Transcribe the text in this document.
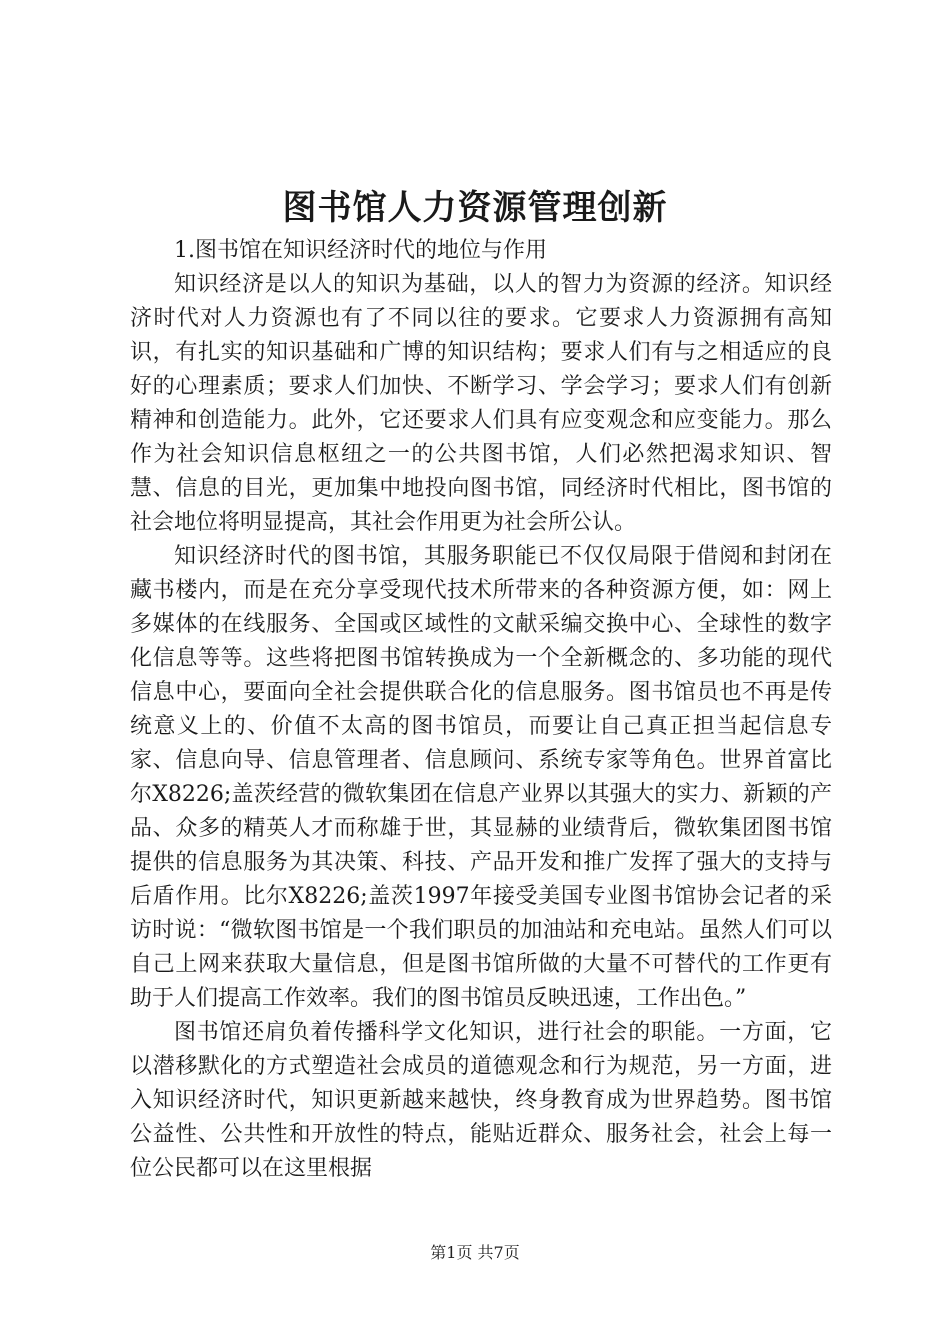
图书馆人力资源管理创新
1.图书馆在知识经济时代的地位与作用

知识经济是以人的知识为基础，以人的智力为资源的经济。知识经济时代对人力资源也有了不同以往的要求。它要求人力资源拥有高知识，有扎实的知识基础和广博的知识结构；要求人们有与之相适应的良好的心理素质；要求人们加快、不断学习、学会学习；要求人们有创新精神和创造能力。此外，它还要求人们具有应变观念和应变能力。那么作为社会知识信息枢纽之一的公共图书馆，人们必然把渴求知识、智慧、信息的目光，更加集中地投向图书馆，同经济时代相比，图书馆的社会地位将明显提高，其社会作用更为社会所公认。

知识经济时代的图书馆，其服务职能已不仅仅局限于借阅和封闭在藏书楼内，而是在充分享受现代技术所带来的各种资源方便，如：网上多媒体的在线服务、全国或区域性的文献采编交换中心、全球性的数字化信息等等。这些将把图书馆转换成为一个全新概念的、多功能的现代信息中心，要面向全社会提供联合化的信息服务。图书馆员也不再是传统意义上的、价值不太高的图书馆员，而要让自己真正担当起信息专家、信息向导、信息管理者、信息顾问、系统专家等角色。世界首富比尔X8226;盖茨经营的微软集团在信息产业界以其强大的实力、新颖的产品、众多的精英人才而称雄于世，其显赫的业绩背后，微软集团图书馆提供的信息服务为其决策、科技、产品开发和推广发挥了强大的支持与后盾作用。比尔X8226;盖茨1997年接受美国专业图书馆协会记者的采访时说：“微软图书馆是一个我们职员的加油站和充电站。虽然人们可以自己上网来获取大量信息，但是图书馆所做的大量不可替代的工作更有助于人们提高工作效率。我们的图书馆员反映迅速，工作出色。”

图书馆还肩负着传播科学文化知识，进行社会的职能。一方面，它以潜移默化的方式塑造社会成员的道德观念和行为规范，另一方面，进入知识经济时代，知识更新越来越快，终身教育成为世界趋势。图书馆公益性、公共性和开放性的特点，能贴近群众、服务社会，社会上每一位公民都可以在这里根据

第1页 共7页
